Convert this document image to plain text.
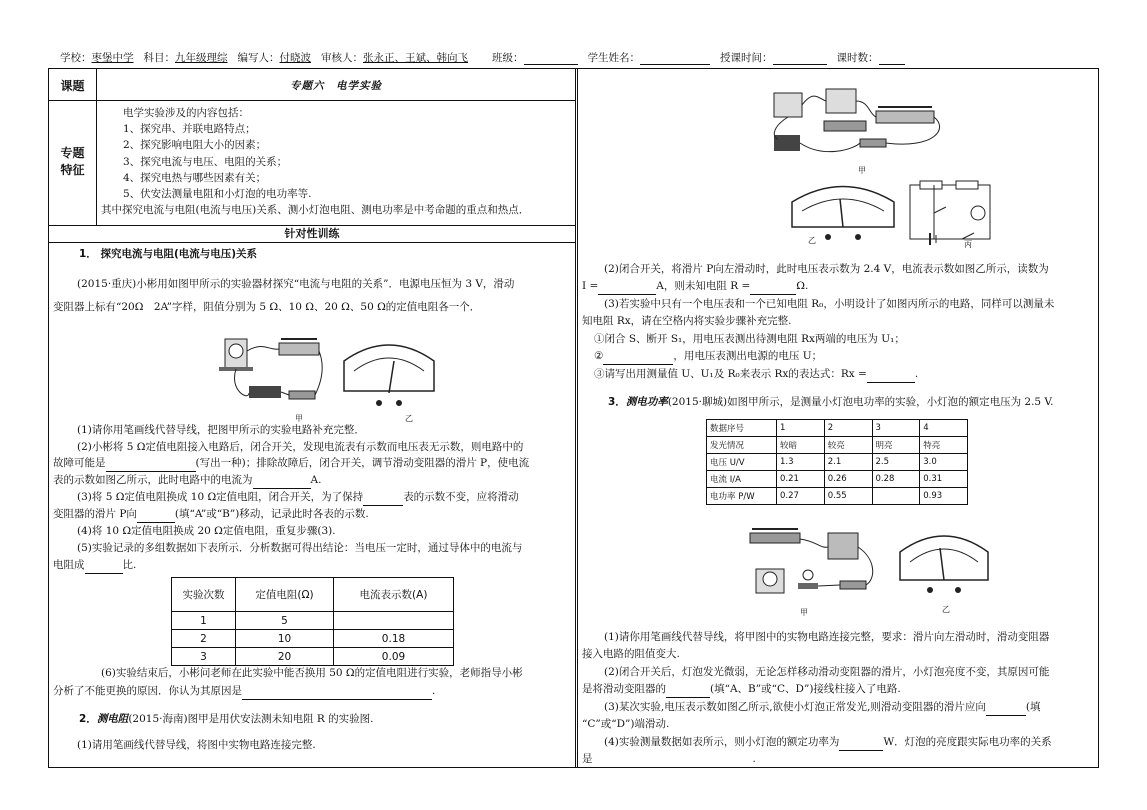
学校：枣堡中学 科目：九年级理综 编写人：付晓波 审核人：张永正、王斌、韩向飞 班级：	学生姓名：	授课时间：	课时数：
课题	专题六　电学实验
专题
特征
电学实验涉及的内容包括：
1、探究串、并联电路特点；
2、探究影响电阻大小的因素；
3、探究电流与电压、电阻的关系；
4、探究电热与哪些因素有关；
5、伏安法测量电阻和小灯泡的电功率等.
其中探究电流与电阻(电流与电压)关系、测小灯泡电阻、测电功率是中考命题的重点和热点．
针对性训练
1． 探究电流与电阻(电流与电压)关系
(2015·重庆)小彬用如图甲所示的实验器材探究“电流与电阻的关系”．电源电压恒为 3 V，滑动
变阻器上标有“20Ω　2A”字样，阻值分别为 5 Ω、10 Ω、20 Ω、50 Ω的定值电阻各一个．
甲	乙
(1)请你用笔画线代替导线，把图甲所示的实验电路补充完整．
(2)小彬将 5 Ω定值电阻接入电路后，闭合开关，发现电流表有示数而电压表无示数，则电路中的
故障可能是	(写出一种)；排除故障后，闭合开关，调节滑动变阻器的滑片 P，使电流
表的示数如图乙所示，此时电路中的电流为	A.
(3)将 5 Ω定值电阻换成 10 Ω定值电阻，闭合开关，为了保持	表的示数不变，应将滑动
变阻器的滑片 P向	(填“A”或“B”)移动，记录此时各表的示数.
(4)将 10 Ω定值电阻换成 20 Ω定值电阻，重复步骤(3).
(5)实验记录的多组数据如下表所示．分析数据可得出结论：当电压一定时，通过导体中的电流与
电阻成	比.
实验次数	定值电阻(Ω)	电流表示数(A)
1	5	
2	10	0.18
3	20	0.09
(6)实验结束后，小彬问老师在此实验中能否换用 50 Ω的定值电阻进行实验，老师指导小彬
分析了不能更换的原因．你认为其原因是	.
2．测电阻(2015·海南)图甲是用伏安法测未知电阻 R 的实验图.
(1)请用笔画线代替导线，将图中实物电路连接完整.
甲
乙	丙
(2)闭合开关，将滑片 P向左滑动时，此时电压表示数为 2.4 V，电流表示数如图乙所示，读数为
I =	A，则未知电阻 R =	Ω.
(3)若实验中只有一个电压表和一个已知电阻 R₀，小明设计了如图丙所示的电路，同样可以测量未
知电阻 Rx，请在空格内将实验步骤补充完整.
①闭合 S、断开 S₁，用电压表测出待测电阻 Rx两端的电压为 U₁；
②	，用电压表测出电源的电压 U；
③请写出用测量值 U、U₁及 R₀来表示 Rx的表达式：Rx =	.
3．测电功率(2015·聊城)如图甲所示，是测量小灯泡电功率的实验，小灯泡的额定电压为 2.5 V.
数据序号	1	2	3	4
发光情况	较暗	较亮	明亮	特亮
电压 U/V	1.3	2.1	2.5	3.0
电流 I/A	0.21	0.26	0.28	0.31
电功率 P/W	0.27	0.55		0.93
甲	乙
(1)请你用笔画线代替导线，将甲图中的实物电路连接完整，要求：滑片向左滑动时，滑动变阻器
接入电路的阻值变大.
(2)闭合开关后，灯泡发光微弱，无论怎样移动滑动变阻器的滑片，小灯泡亮度不变，其原因可能
是将滑动变阻器的	(填“A、B”或“C、D”)接线柱接入了电路.
(3)某次实验,电压表示数如图乙所示,欲使小灯泡正常发光,则滑动变阻器的滑片应向	(填
“C”或“D”)端滑动.
(4)实验测量数据如表所示，则小灯泡的额定功率为	W．灯泡的亮度跟实际电功率的关系
是	.
